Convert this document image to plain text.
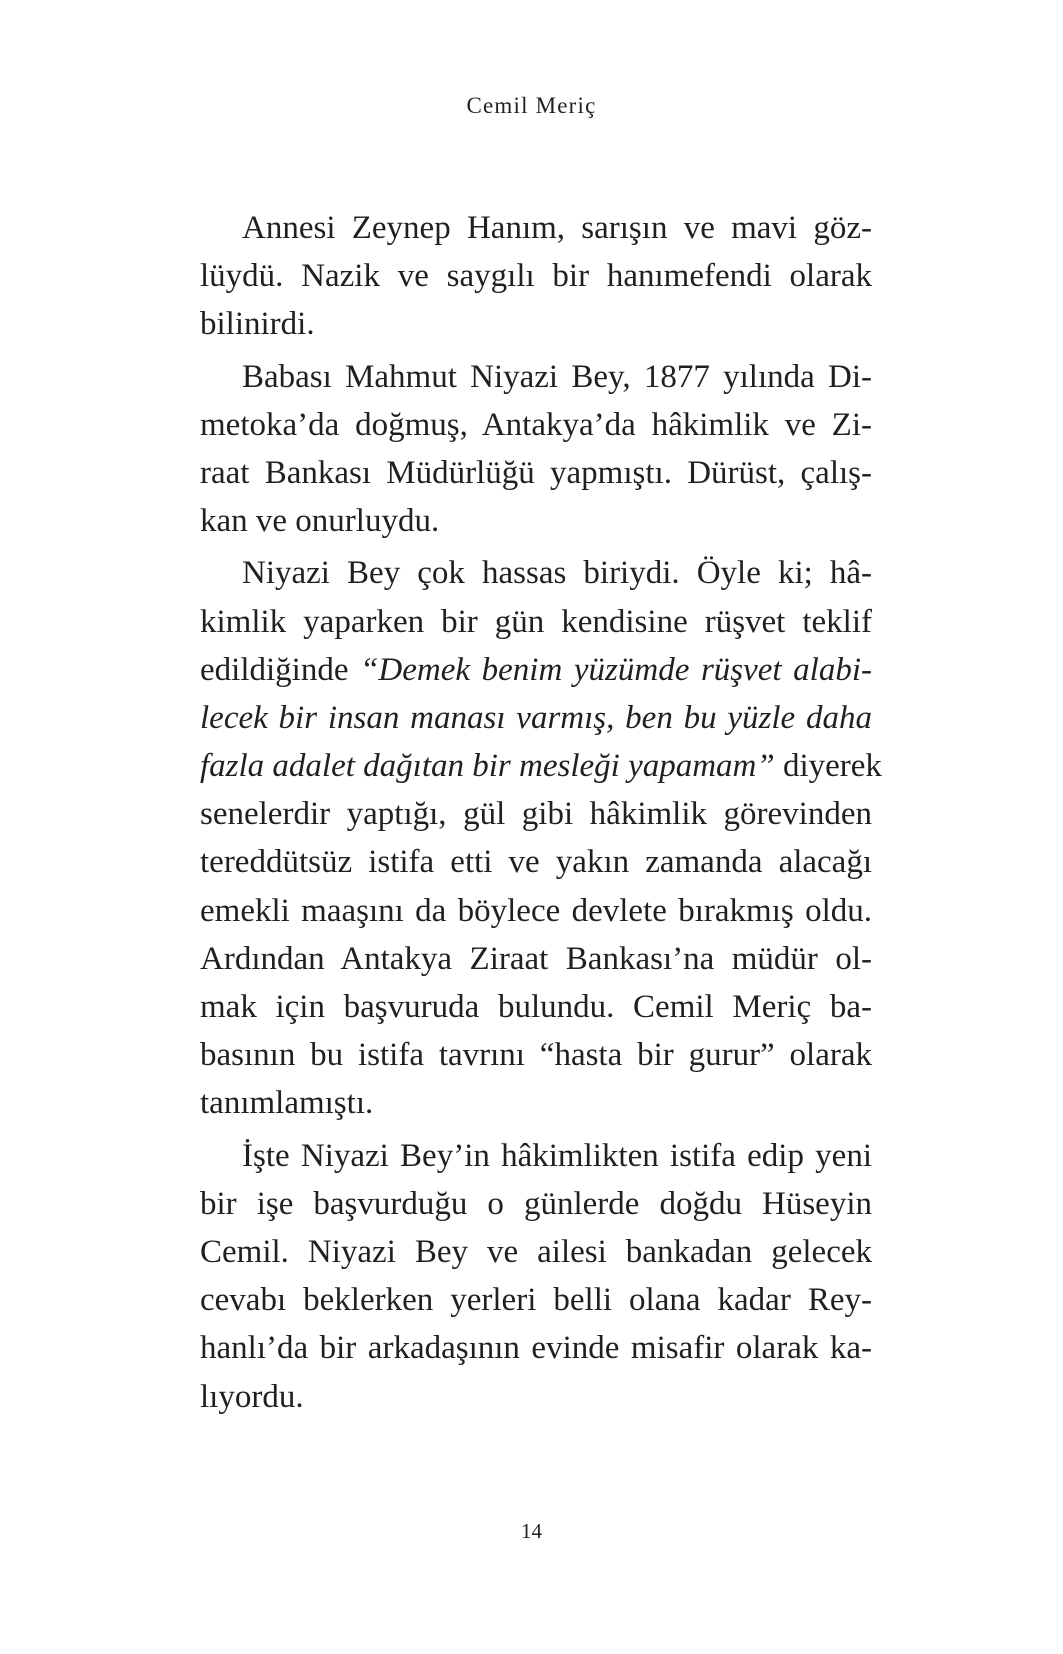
Cemil Meriç
Annesi Zeynep Hanım, sarışın ve mavi göz-
lüydü. Nazik ve saygılı bir hanımefendi olarak
bilinirdi.
Babası Mahmut Niyazi Bey, 1877 yılında Di-
metoka’da doğmuş, Antakya’da hâkimlik ve Zi-
raat Bankası Müdürlüğü yapmıştı. Dürüst, çalış-
kan ve onurluydu.
Niyazi Bey çok hassas biriydi. Öyle ki; hâ-
kimlik yaparken bir gün kendisine rüşvet teklif
edildiğinde “Demek benim yüzümde rüşvet alabi-
lecek bir insan manası varmış, ben bu yüzle daha
fazla adalet dağıtan bir mesleği yapamam” diyerek
senelerdir yaptığı, gül gibi hâkimlik görevinden
tereddütsüz istifa etti ve yakın zamanda alacağı
emekli maaşını da böylece devlete bırakmış oldu.
Ardından Antakya Ziraat Bankası’na müdür ol-
mak için başvuruda bulundu. Cemil Meriç ba-
basının bu istifa tavrını “hasta bir gurur” olarak
tanımlamıştı.
İşte Niyazi Bey’in hâkimlikten istifa edip yeni
bir işe başvurduğu o günlerde doğdu Hüseyin
Cemil. Niyazi Bey ve ailesi bankadan gelecek
cevabı beklerken yerleri belli olana kadar Rey-
hanlı’da bir arkadaşının evinde misafir olarak ka-
lıyordu.
14
